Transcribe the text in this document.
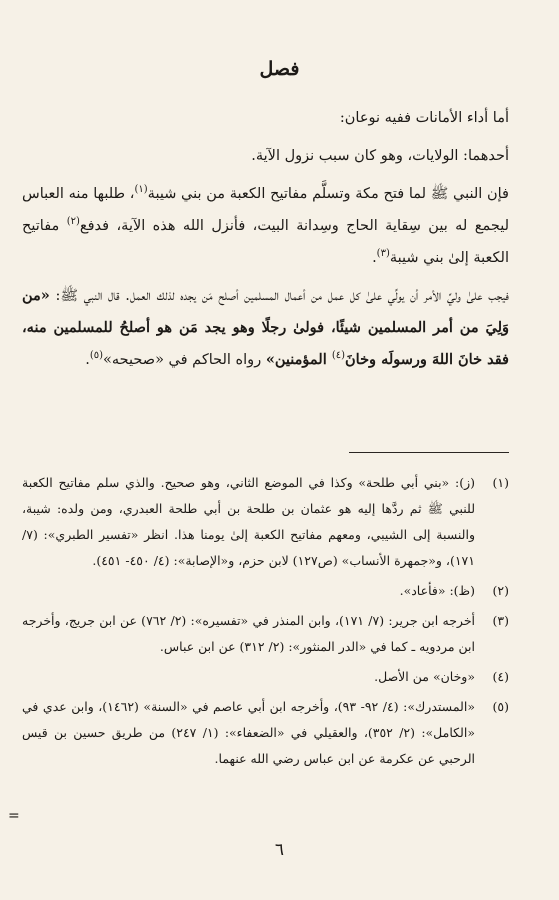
فصل

أما أداء الأمانات ففيه نوعان:

أحدهما: الولايات، وهو كان سبب نزول الآية.

فإن النبي ﷺ لما فتح مكة وتسلَّم مفاتيح الكعبة من بني شيبة$^{(١)}$، طلبها منه العباس ليجمع له بين سِقاية الحاج وسِدانة البيت، فأنزل الله هذه الآية، فدفع$^{(٢)}$ مفاتيح الكعبة إلىٰ بني شيبة$^{(٣)}$.

فيجب علىٰ وليِّ الأمر أن يولِّي علىٰ كل عمل من أعمال المسلمين أصلح مَن يجده لذلك العمل. قال النبي ﷺ: «من وَلِيَ من أمر المسلمين شيئًا، فولىٰ رجلًا وهو يجد مَن هو أصلحُ للمسلمين منه، فقد خانَ اللهَ ورسولَه وخانَ$^{(٤)}$ المؤمنين» رواه الحاكم في «صحيحه»$^{(٥)}$.

(١)
(ز): «بني أبي طلحة» وكذا في الموضع الثاني، وهو صحيح. والذي سلم مفاتيح الكعبة للنبي ﷺ ثم ردَّها إليه هو عثمان بن طلحة بن أبي طلحة العبدري، ومن ولده: شيبة، والنسبة إلى الشيبي، ومعهم مفاتيح الكعبة إلىٰ يومنا هذا. انظر «تفسير الطبري»: (٧/ ١٧١)، و«جمهرة الأنساب» (ص١٢٧) لابن حزم، و«الإصابة»: (٤/ ٤٥٠- ٤٥١).
(٢)
(ظ): «فأعاد».
(٣)
أخرجه ابن جرير: (٧/ ١٧١)، وابن المنذر في «تفسيره»: (٢/ ٧٦٢) عن ابن جريج، وأخرجه ابن مردويه ـ كما في «الدر المنثور»: (٢/ ٣١٢) عن ابن عباس.
(٤)
«وخان» من الأصل.
(٥)
«المستدرك»: (٤/ ٩٢- ٩٣)، وأخرجه ابن أبي عاصم في «السنة» (١٤٦٢)، وابن عدي في «الكامل»: (٢/ ٣٥٢)، والعقيلي في «الضعفاء»: (١/ ٢٤٧) من طريق حسين بن قيس الرحبي عن عكرمة عن ابن عباس رضي الله عنهما.
=
٦
